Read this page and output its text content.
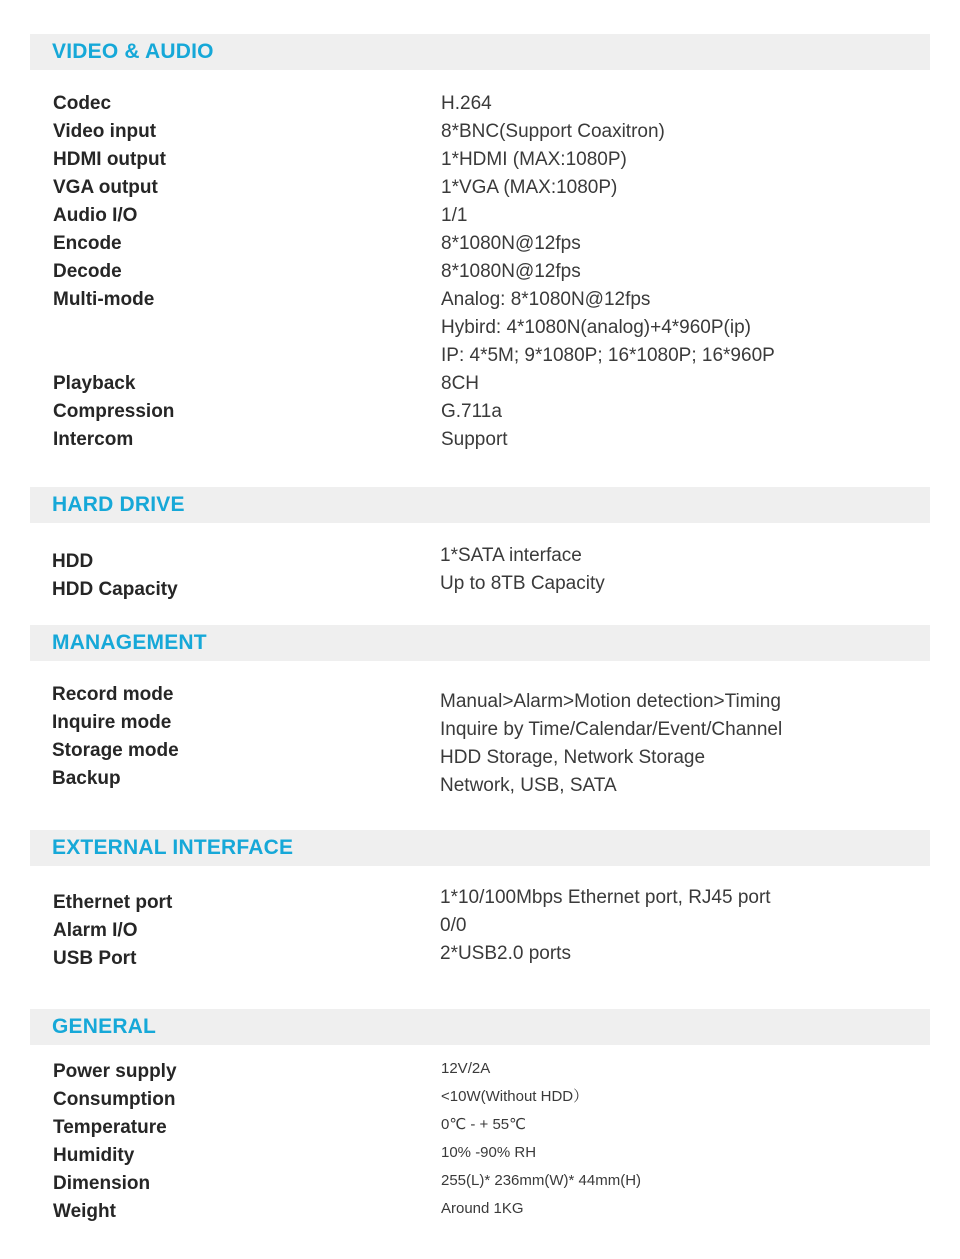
VIDEO & AUDIO
Codec
Video input
HDMI output
VGA output
Audio I/O
Encode
Decode
Multi-mode
Playback
Compression
Intercom
H.264
8*BNC(Support Coaxitron)
1*HDMI (MAX:1080P)
1*VGA (MAX:1080P)
1/1
8*1080N@12fps
8*1080N@12fps
Analog: 8*1080N@12fps
Hybird: 4*1080N(analog)+4*960P(ip)
IP: 4*5M; 9*1080P; 16*1080P; 16*960P
8CH
G.711a
Support
HARD DRIVE
HDD
HDD Capacity
1*SATA interface
Up to 8TB Capacity
MANAGEMENT
Record mode
Inquire mode
Storage mode
Backup
Manual>Alarm>Motion detection>Timing
Inquire by Time/Calendar/Event/Channel
HDD Storage, Network Storage
Network, USB, SATA
EXTERNAL INTERFACE
Ethernet port
Alarm I/O
USB Port
1*10/100Mbps Ethernet port, RJ45 port
0/0
2*USB2.0 ports
GENERAL
Power supply
Consumption
Temperature
Humidity
Dimension
Weight
12V/2A
<10W(Without HDD）
0℃ - + 55℃
10% -90% RH
255(L)* 236mm(W)* 44mm(H)
Around 1KG
